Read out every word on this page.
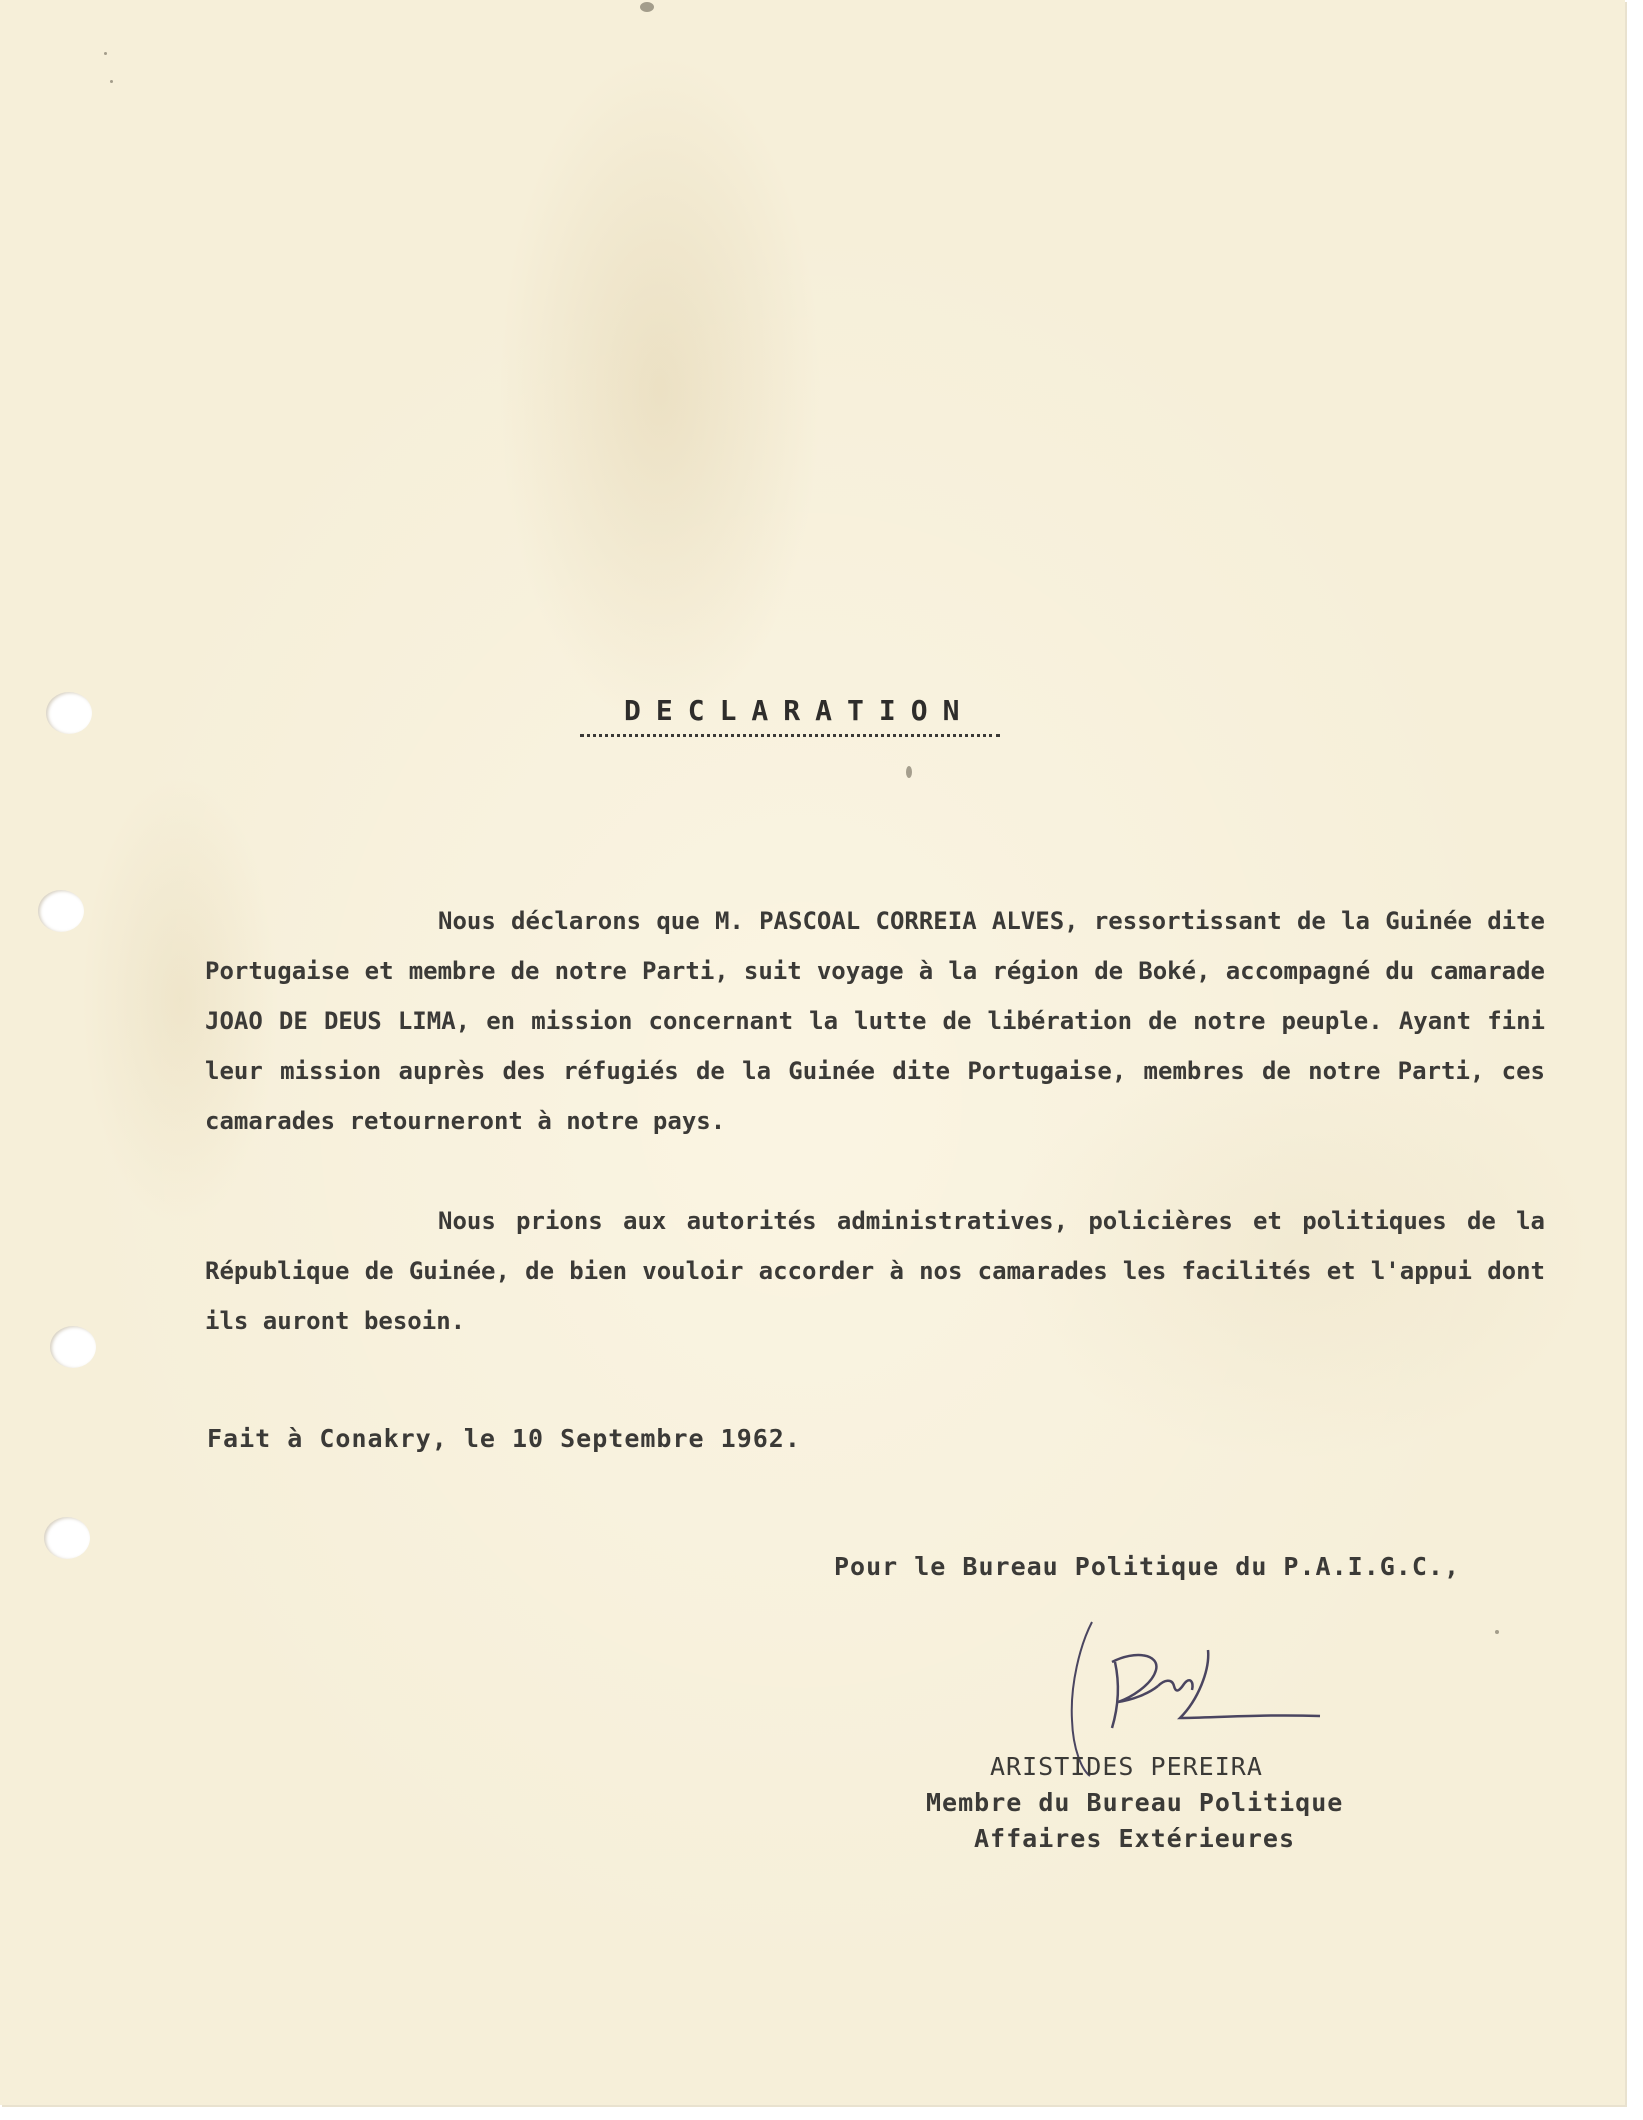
DECLARATION
Nous déclarons que M. PASCOAL CORREIA ALVES, ressortissant de la Guinée dite Portugaise et membre de notre Parti, suit voyage à la région de Boké, accompagné du camarade JOAO DE DEUS LIMA, en mission concernant la lutte de libération de notre peuple. Ayant fini leur mission auprès des réfugiés de la Guinée dite Portugaise, membres de notre Parti, ces camarades retourneront à notre pays.
Nous prions aux autorités administratives, policières et politiques de la République de Guinée, de bien vouloir accorder à nos camarades les facilités et l'appui dont ils auront besoin.
Fait à Conakry, le 10 Septembre 1962.
Pour le Bureau Politique du P.A.I.G.C.,
ARISTIDES PEREIRA
Membre du Bureau Politique
Affaires Extérieures
